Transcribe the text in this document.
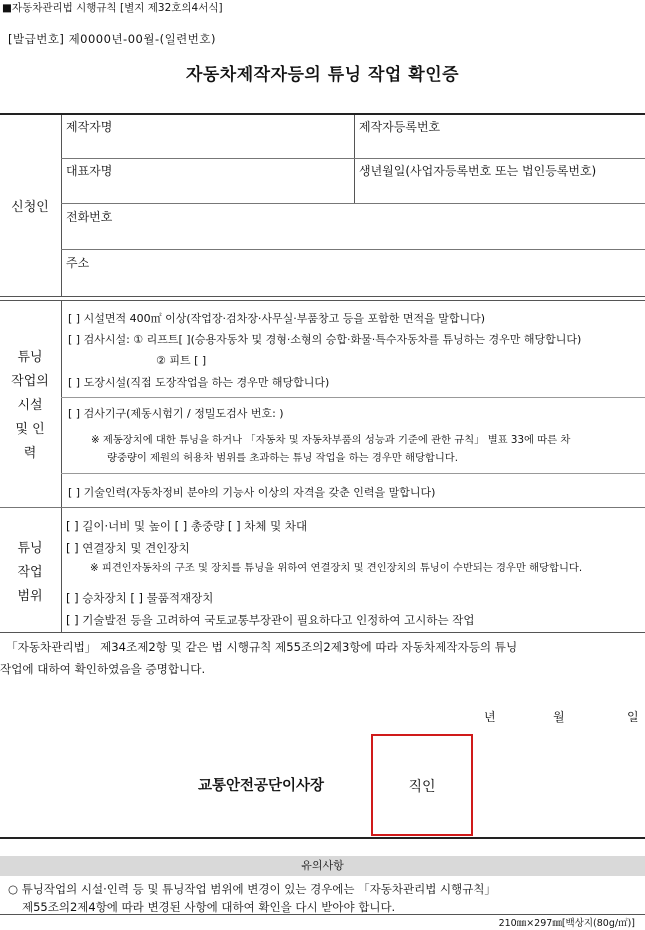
■자동차관리법 시행규칙 [별지 제32호의4서식]
[발급번호] 제0000년-00월-(일련번호)
자동차제작자등의 튜닝 작업 확인증
신청인
제작자명	제작자등록번호
대표자명	생년월일(사업자등록번호 또는 법인등록번호)
전화번호
주소
튜닝
작업의
시설
및 인
력
[ ] 시설면적 400㎡ 이상(작업장·검차장·사무실·부품창고 등을 포함한 면적을 말합니다)
[ ] 검사시설: ① 리프트[ ](승용자동차 및 경형·소형의 승합·화물·특수자동차를 튜닝하는 경우만 해당합니다)
② 피트 [ ]
[ ] 도장시설(직접 도장작업을 하는 경우만 해당합니다)
[ ] 검사기구(제동시험기 / 정밀도검사 번호: )
※ 제동장치에 대한 튜닝을 하거나 「자동차 및 자동차부품의 성능과 기준에 관한 규칙」 별표 33에 따른 차
량중량이 제원의 허용차 범위를 초과하는 튜닝 작업을 하는 경우만 해당합니다.
[ ] 기술인력(자동차정비 분야의 기능사 이상의 자격을 갖춘 인력을 말합니다)
튜닝
작업
범위
[ ] 길이·너비 및 높이 [ ] 총중량 [ ] 차체 및 차대
[ ] 연결장치 및 견인장치
※ 피견인자동차의 구조 및 장치를 튜닝을 위하여 연결장치 및 견인장치의 튜닝이 수반되는 경우만 해당합니다.
[ ] 승차장치 [ ] 물품적재장치
[ ] 기술발전 등을 고려하여 국토교통부장관이 필요하다고 인정하여 고시하는 작업
「자동차관리법」 제34조제2항 및 같은 법 시행규칙 제55조의2제3항에 따라 자동차제작자등의 튜닝
작업에 대하여 확인하였음을 증명합니다.
년	월	일
교통안전공단이사장	직인
유의사항
○ 튜닝작업의 시설·인력 등 및 튜닝작업 범위에 변경이 있는 경우에는 「자동차관리법 시행규칙」
제55조의2제4항에 따라 변경된 사항에 대하여 확인을 다시 받아야 합니다.
210㎜×297㎜[백상지(80g/㎡)]
